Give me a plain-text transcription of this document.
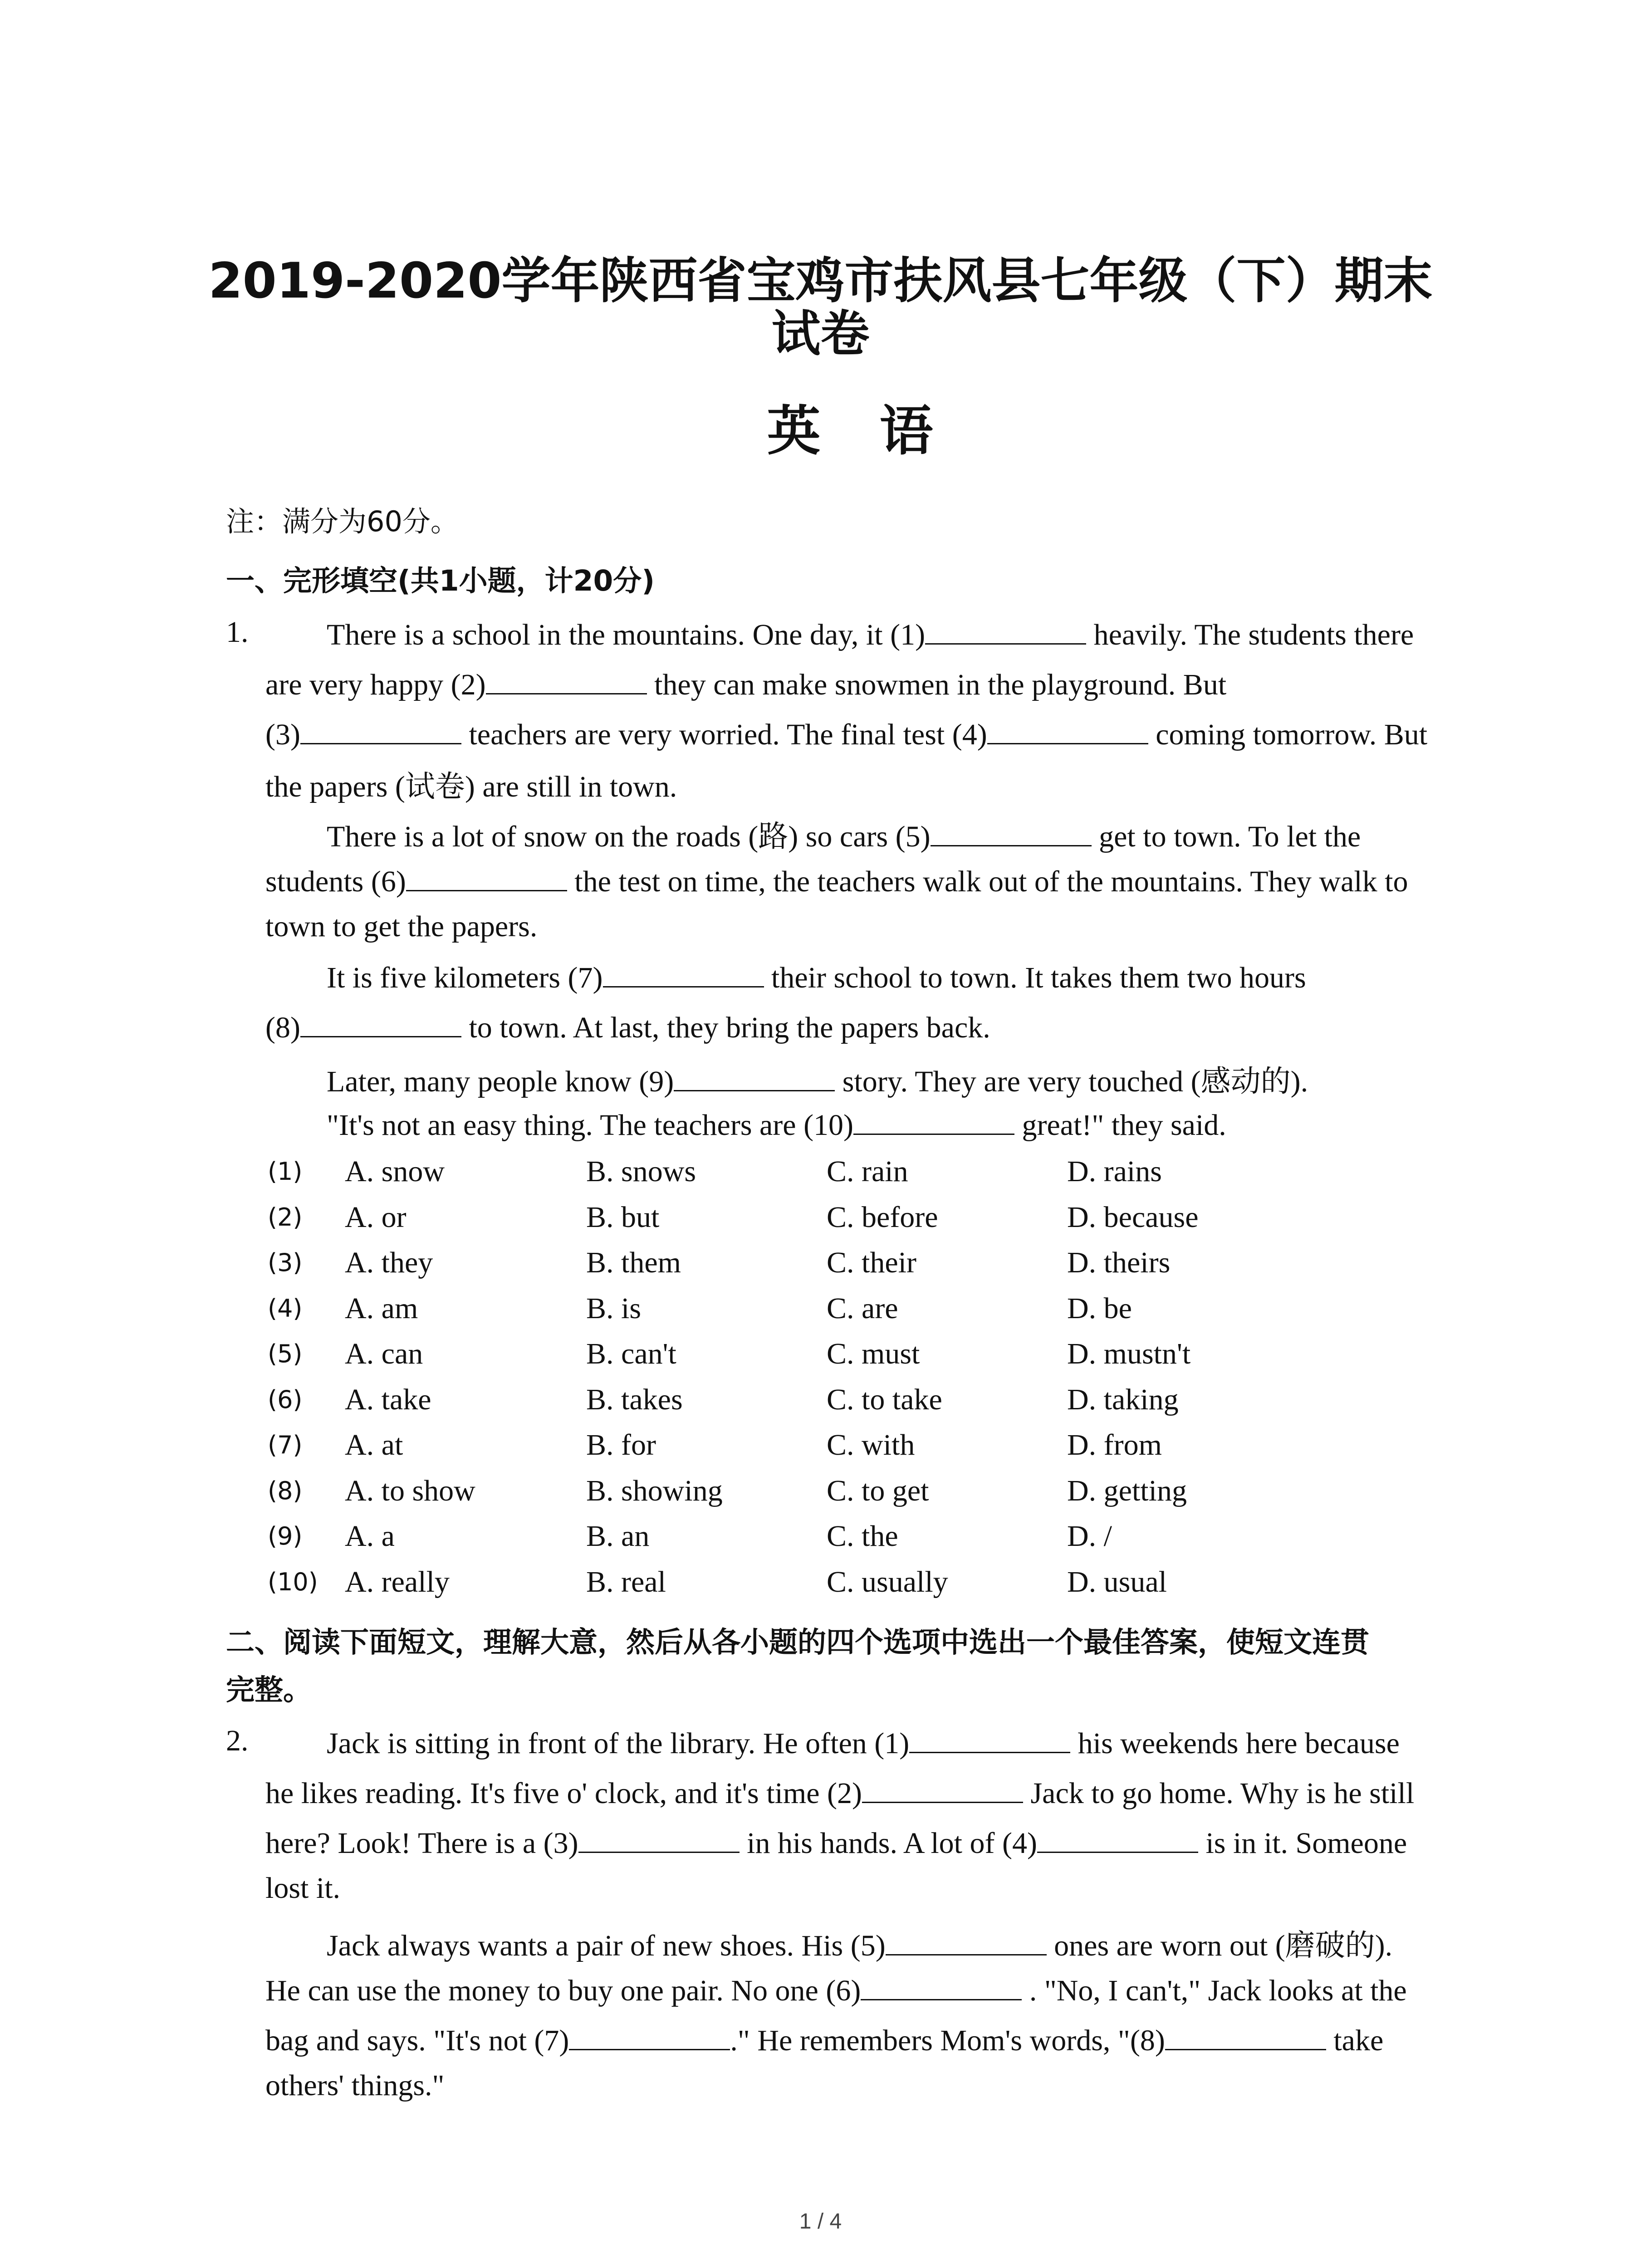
2019-2020学年陕西省宝鸡市扶风县七年级（下）期末
试卷
英语
注：满分为60分。
一、完形填空(共1小题，计20分)
1.	There is a school in the mountains. One day, it (1)	heavily. The students there
are very happy (2)	they can make snowmen in the playground. But
(3)	teachers are very worried. The final test (4)	coming tomorrow. But
the papers (试卷) are still in town.
There is a lot of snow on the roads (路) so cars (5)	get to town. To let the
students (6)	the test on time, the teachers walk out of the mountains. They walk to
town to get the papers.
It is five kilometers (7)	their school to town. It takes them two hours
(8)	to town. At last, they bring the papers back.
Later, many people know (9)	story. They are very touched (感动的).
"It's not an easy thing. The teachers are (10)	great!" they said.
(1) A. snow	B. snows	C. rain	D. rains
(2) A. or	B. but	C. before	D. because
(3) A. they	B. them	C. their	D. theirs
(4) A. am	B. is	C. are	D. be
(5) A. can	B. can't	C. must	D. mustn't
(6) A. take	B. takes	C. to take	D. taking
(7) A. at	B. for	C. with	D. from
(8) A. to show	B. showing	C. to get	D. getting
(9) A. a	B. an	C. the	D. /
(10) A. really	B. real	C. usually	D. usual
二、阅读下面短文，理解大意，然后从各小题的四个选项中选出一个最佳答案，使短文连贯
完整。
2.	Jack is sitting in front of the library. He often (1)	his weekends here because
he likes reading. It's five o' clock, and it's time (2)	Jack to go home. Why is he still
here? Look! There is a (3)	in his hands. A lot of (4)	is in it. Someone
lost it.
Jack always wants a pair of new shoes. His (5)	ones are worn out (磨破的).
He can use the money to buy one pair. No one (6)	. "No, I can't," Jack looks at the
bag and says. "It's not (7)	." He remembers Mom's words, "(8)	take
others' things."
1 / 4
